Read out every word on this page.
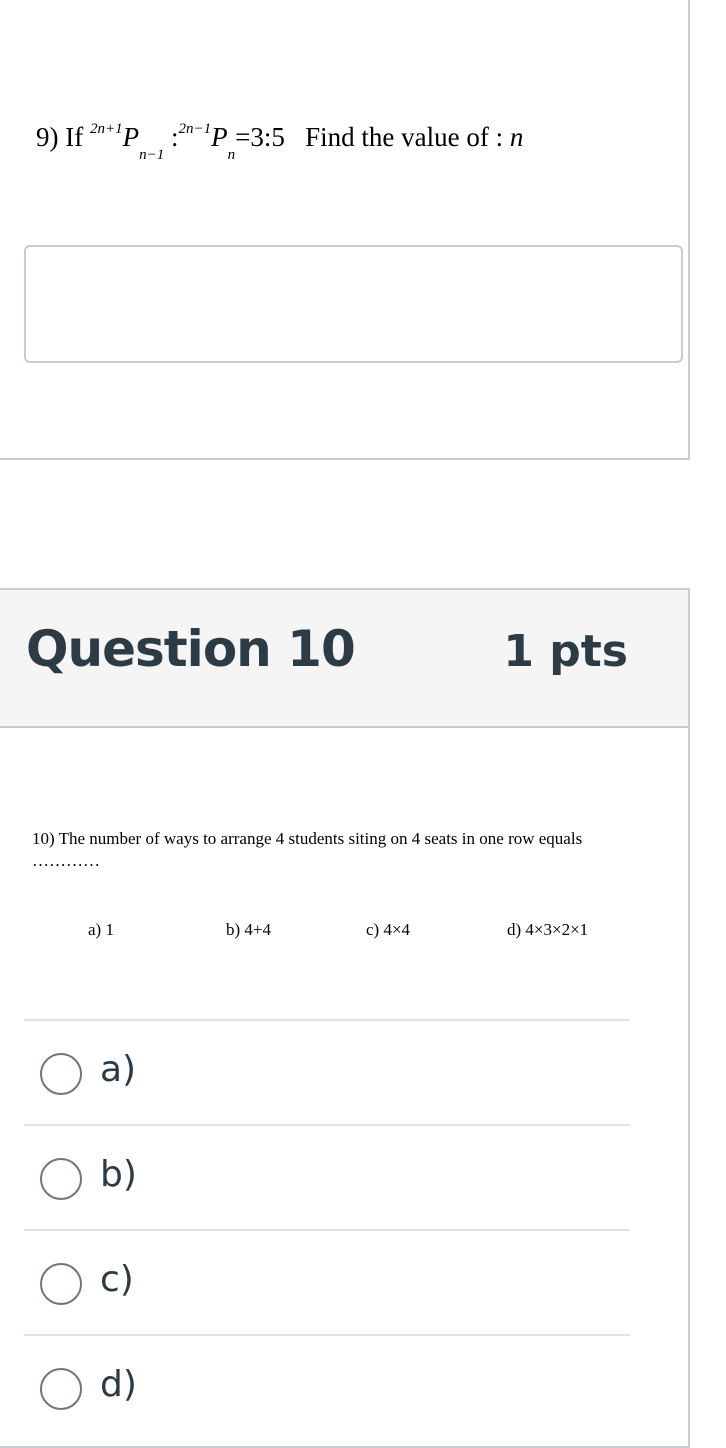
9) If $^{2n+1}P_{n-1}$ $:^{2n-1}P_n=3:5$ Find the value of : n
Question 10	1 pts
10) The number of ways to arrange 4 students siting on 4 seats in one row equals …………
a) 1	b) 4+4	c) 4×4	d) 4×3×2×1
a)
b)
c)
d)
